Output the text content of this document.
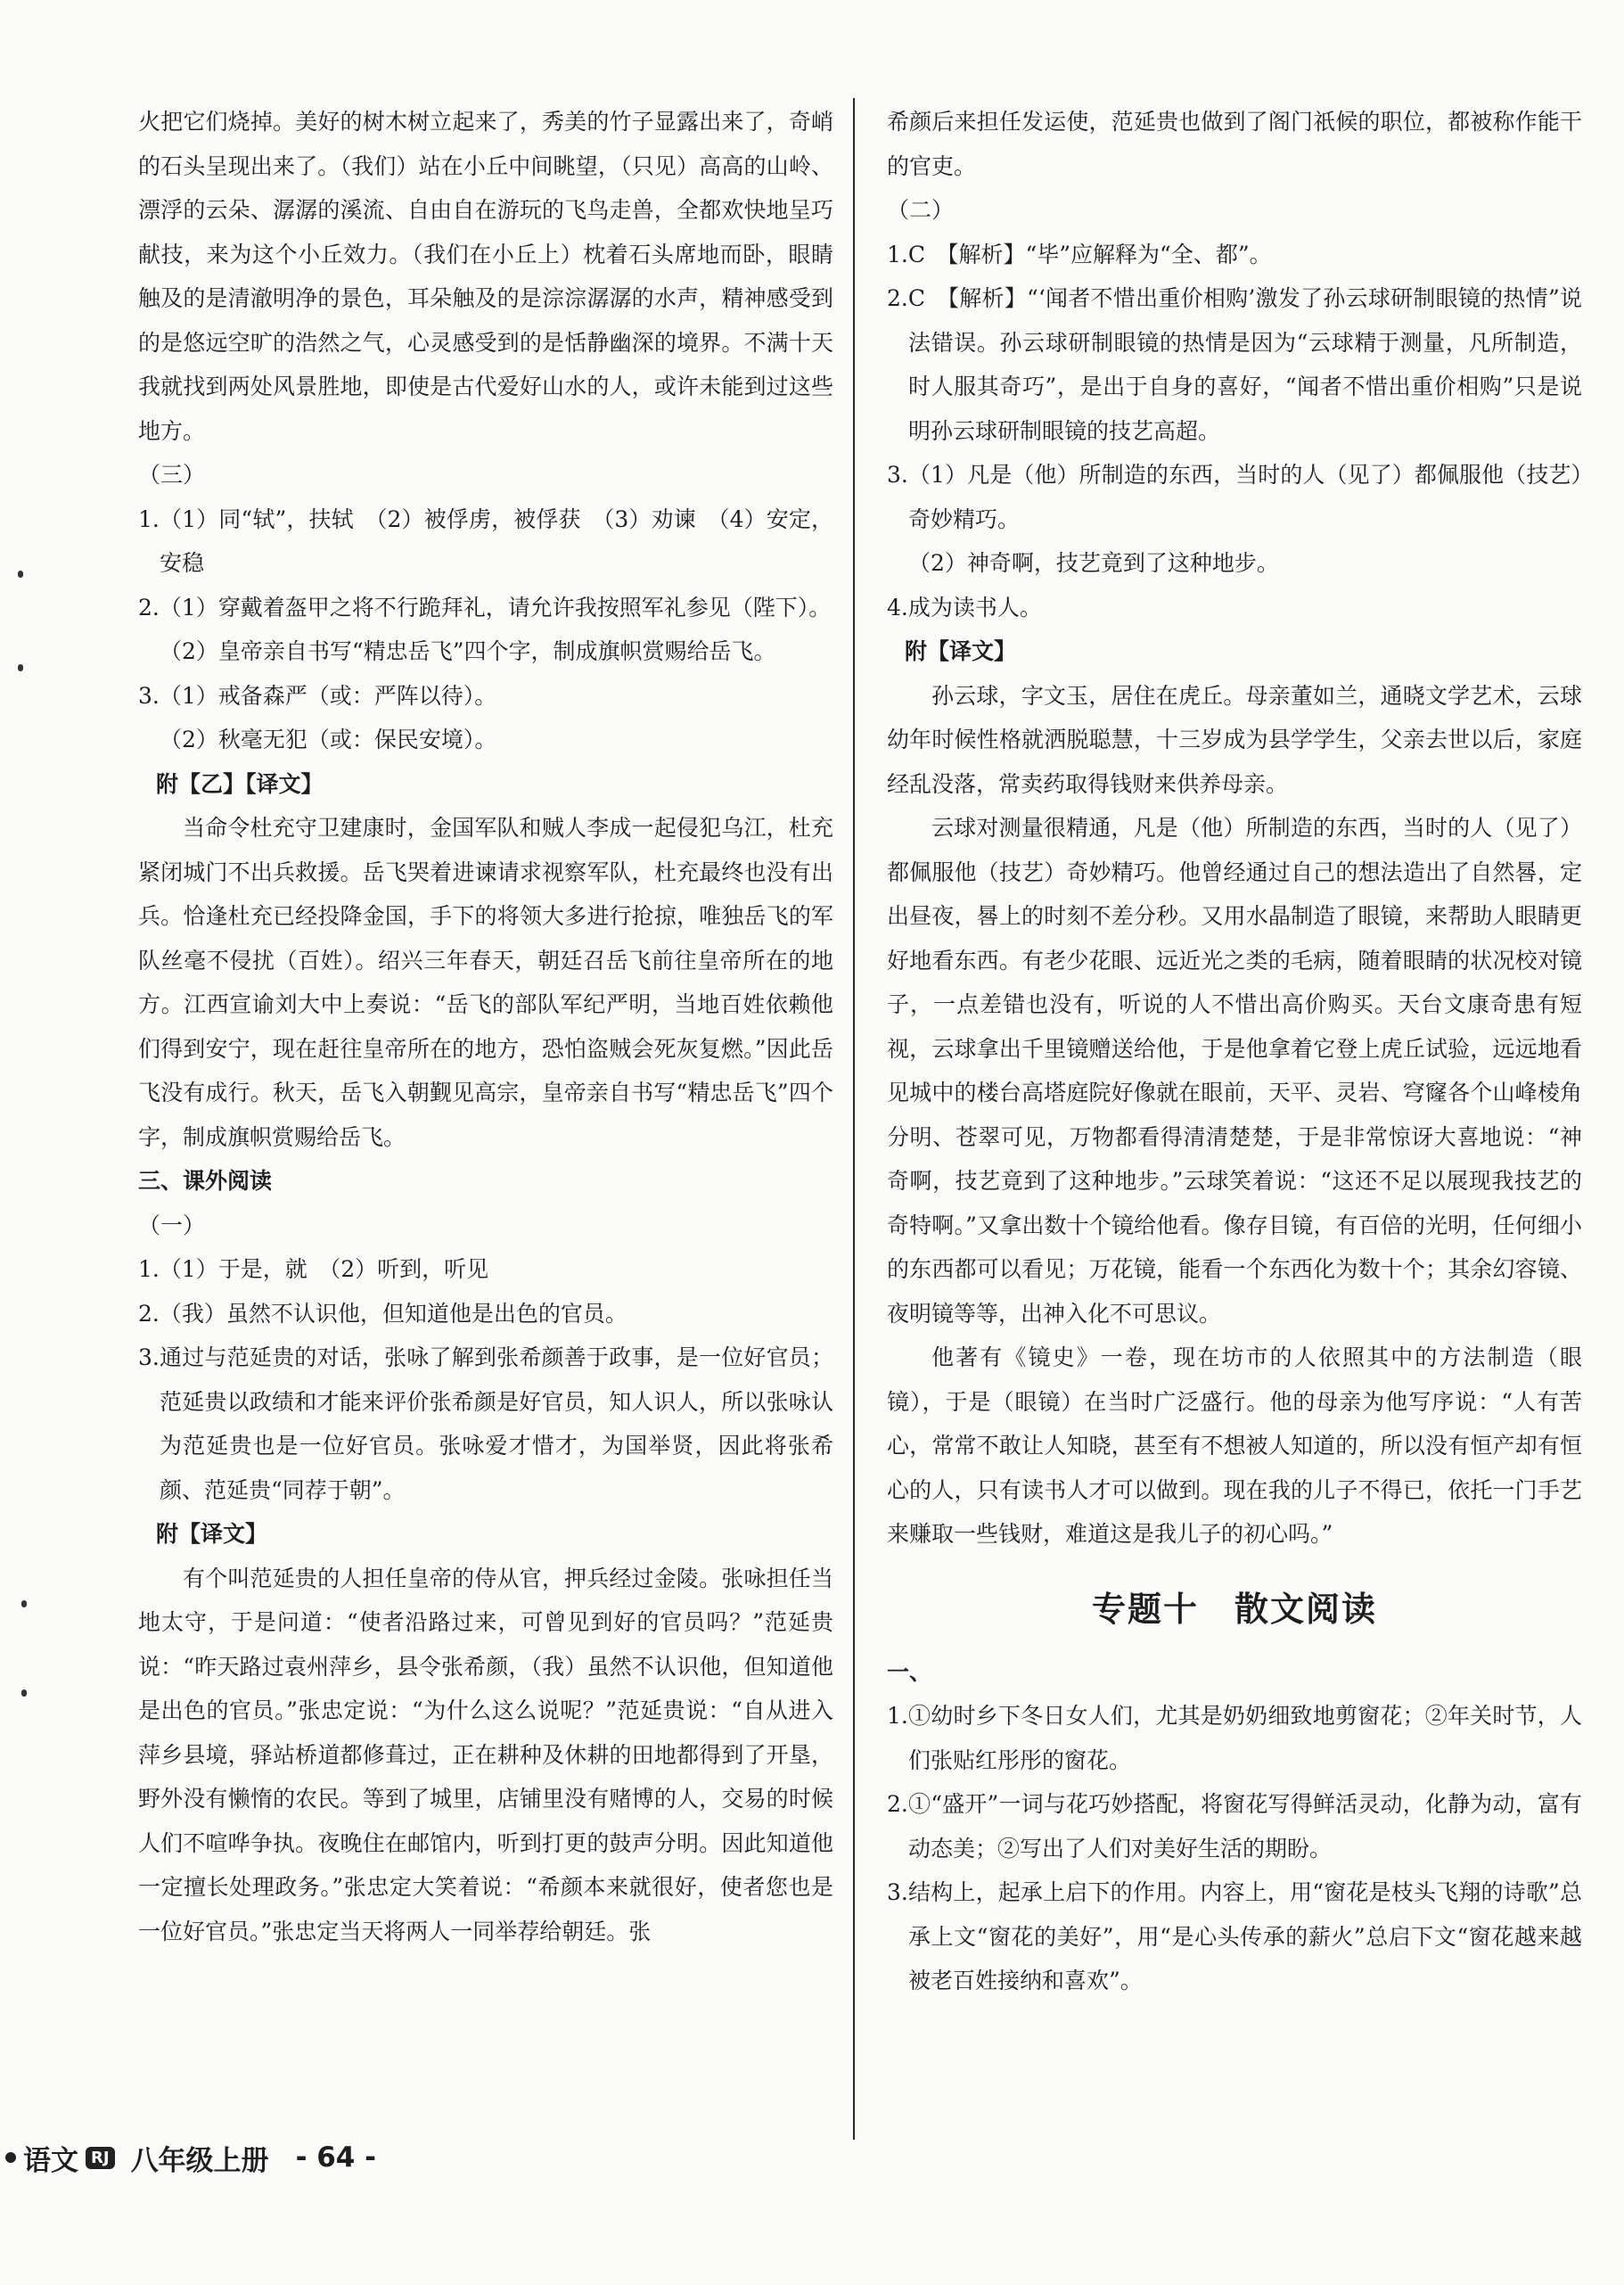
火把它们烧掉。美好的树木树立起来了，秀美的竹子显露出来了，奇峭的石头呈现出来了。（我们）站在小丘中间眺望，（只见）高高的山岭、漂浮的云朵、潺潺的溪流、自由自在游玩的飞鸟走兽，全都欢快地呈巧献技，来为这个小丘效力。（我们在小丘上）枕着石头席地而卧，眼睛触及的是清澈明净的景色，耳朵触及的是淙淙潺潺的水声，精神感受到的是悠远空旷的浩然之气，心灵感受到的是恬静幽深的境界。不满十天我就找到两处风景胜地，即使是古代爱好山水的人，或许未能到过这些地方。

（三）

1.（1）同“轼”，扶轼　（2）被俘虏，被俘获　（3）劝谏　（4）安定，安稳

2.（1）穿戴着盔甲之将不行跪拜礼，请允许我按照军礼参见（陛下）。

（2）皇帝亲自书写“精忠岳飞”四个字，制成旗帜赏赐给岳飞。

3.（1）戒备森严（或：严阵以待）。

（2）秋毫无犯（或：保民安境）。

附【乙】【译文】

当命令杜充守卫建康时，金国军队和贼人李成一起侵犯乌江，杜充紧闭城门不出兵救援。岳飞哭着进谏请求视察军队，杜充最终也没有出兵。恰逢杜充已经投降金国，手下的将领大多进行抢掠，唯独岳飞的军队丝毫不侵扰（百姓）。绍兴三年春天，朝廷召岳飞前往皇帝所在的地方。江西宣谕刘大中上奏说：“岳飞的部队军纪严明，当地百姓依赖他们得到安宁，现在赶往皇帝所在的地方，恐怕盗贼会死灰复燃。”因此岳飞没有成行。秋天，岳飞入朝觐见高宗，皇帝亲自书写“精忠岳飞”四个字，制成旗帜赏赐给岳飞。

三、课外阅读

（一）

1.（1）于是，就　（2）听到，听见

2.（我）虽然不认识他，但知道他是出色的官员。

3.通过与范延贵的对话，张咏了解到张希颜善于政事，是一位好官员；范延贵以政绩和才能来评价张希颜是好官员，知人识人，所以张咏认为范延贵也是一位好官员。张咏爱才惜才，为国举贤，因此将张希颜、范延贵“同荐于朝”。

附【译文】

有个叫范延贵的人担任皇帝的侍从官，押兵经过金陵。张咏担任当地太守，于是问道：“使者沿路过来，可曾见到好的官员吗？”范延贵说：“昨天路过袁州萍乡，县令张希颜，（我）虽然不认识他，但知道他是出色的官员。”张忠定说：“为什么这么说呢？”范延贵说：“自从进入萍乡县境，驿站桥道都修葺过，正在耕种及休耕的田地都得到了开垦，野外没有懒惰的农民。等到了城里，店铺里没有赌博的人，交易的时候人们不喧哗争执。夜晚住在邮馆内，听到打更的鼓声分明。因此知道他一定擅长处理政务。”张忠定大笑着说：“希颜本来就很好，使者您也是一位好官员。”张忠定当天将两人一同举荐给朝廷。张

希颜后来担任发运使，范延贵也做到了阁门祇候的职位，都被称作能干的官吏。

（二）

1.C　【解析】“毕”应解释为“全、都”。

2.C　【解析】“‘闻者不惜出重价相购’激发了孙云球研制眼镜的热情”说法错误。孙云球研制眼镜的热情是因为“云球精于测量，凡所制造，时人服其奇巧”，是出于自身的喜好，“闻者不惜出重价相购”只是说明孙云球研制眼镜的技艺高超。

3.（1）凡是（他）所制造的东西，当时的人（见了）都佩服他（技艺）奇妙精巧。

（2）神奇啊，技艺竟到了这种地步。

4.成为读书人。

附【译文】

孙云球，字文玉，居住在虎丘。母亲董如兰，通晓文学艺术，云球幼年时候性格就洒脱聪慧，十三岁成为县学学生，父亲去世以后，家庭经乱没落，常卖药取得钱财来供养母亲。

云球对测量很精通，凡是（他）所制造的东西，当时的人（见了）都佩服他（技艺）奇妙精巧。他曾经通过自己的想法造出了自然晷，定出昼夜，晷上的时刻不差分秒。又用水晶制造了眼镜，来帮助人眼睛更好地看东西。有老少花眼、远近光之类的毛病，随着眼睛的状况校对镜子，一点差错也没有，听说的人不惜出高价购买。天台文康奇患有短视，云球拿出千里镜赠送给他，于是他拿着它登上虎丘试验，远远地看见城中的楼台高塔庭院好像就在眼前，天平、灵岩、穹窿各个山峰棱角分明、苍翠可见，万物都看得清清楚楚，于是非常惊讶大喜地说：“神奇啊，技艺竟到了这种地步。”云球笑着说：“这还不足以展现我技艺的奇特啊。”又拿出数十个镜给他看。像存目镜，有百倍的光明，任何细小的东西都可以看见；万花镜，能看一个东西化为数十个；其余幻容镜、夜明镜等等，出神入化不可思议。

他著有《镜史》一卷，现在坊市的人依照其中的方法制造（眼镜），于是（眼镜）在当时广泛盛行。他的母亲为他写序说：“人有苦心，常常不敢让人知晓，甚至有不想被人知道的，所以没有恒产却有恒心的人，只有读书人才可以做到。现在我的儿子不得已，依托一门手艺来赚取一些钱财，难道这是我儿子的初心吗。”

专题十　散文阅读

一、

1.①幼时乡下冬日女人们，尤其是奶奶细致地剪窗花；②年关时节，人们张贴红彤彤的窗花。

2.①“盛开”一词与花巧妙搭配，将窗花写得鲜活灵动，化静为动，富有动态美；②写出了人们对美好生活的期盼。

3.结构上，起承上启下的作用。内容上，用“窗花是枝头飞翔的诗歌”总承上文“窗花的美好”，用“是心头传承的薪火”总启下文“窗花越来越被老百姓接纳和喜欢”。

语文 RJ 八年级上册 - 64 -
